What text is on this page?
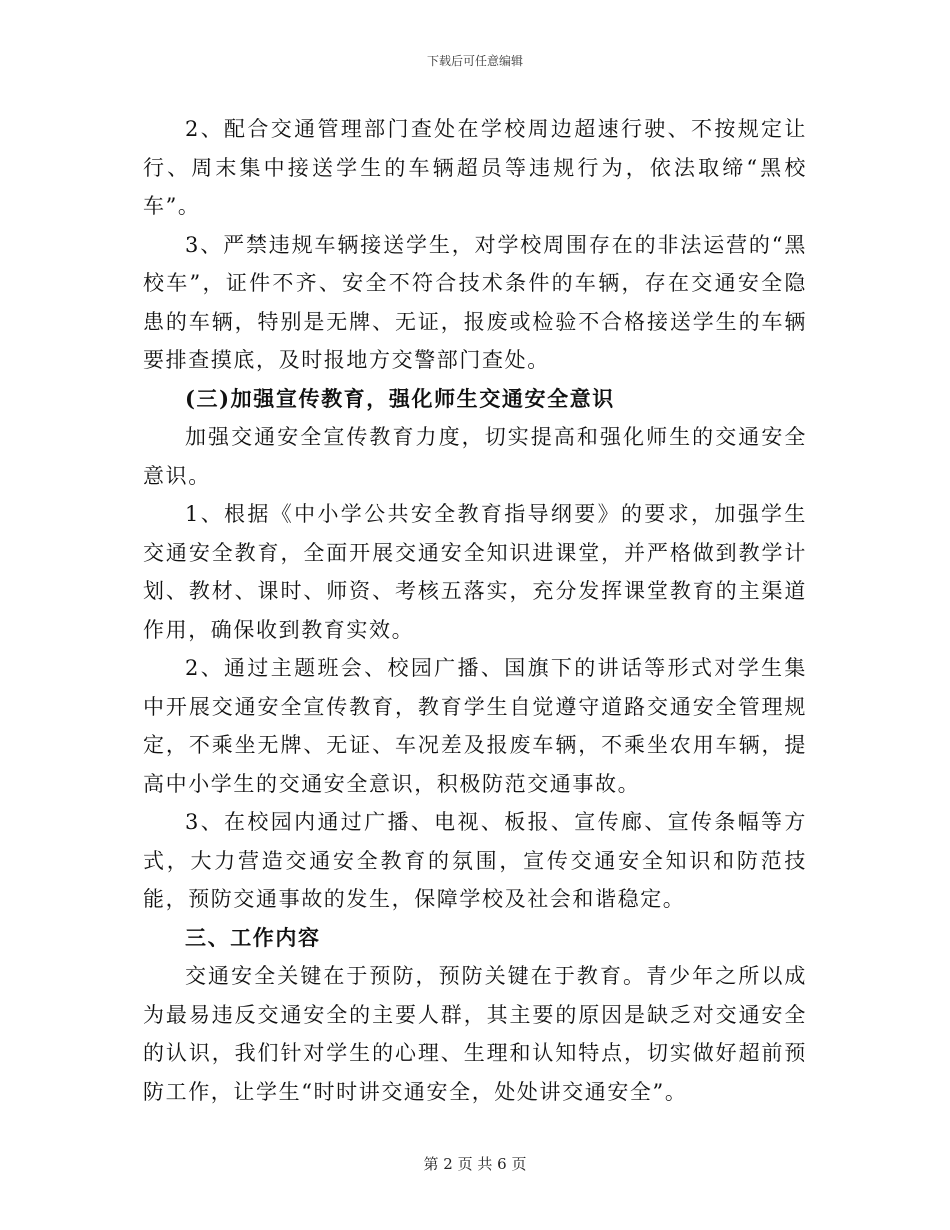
下载后可任意编辑

2、配合交通管理部门查处在学校周边超速行驶、不按规定让行、周末集中接送学生的车辆超员等违规行为，依法取缔“黑校车”。

3、严禁违规车辆接送学生，对学校周围存在的非法运营的“黑校车”，证件不齐、安全不符合技术条件的车辆，存在交通安全隐患的车辆，特别是无牌、无证，报废或检验不合格接送学生的车辆要排查摸底，及时报地方交警部门查处。

(三)加强宣传教育，强化师生交通安全意识

加强交通安全宣传教育力度，切实提高和强化师生的交通安全意识。

1、根据《中小学公共安全教育指导纲要》的要求，加强学生交通安全教育，全面开展交通安全知识进课堂，并严格做到教学计划、教材、课时、师资、考核五落实，充分发挥课堂教育的主渠道作用，确保收到教育实效。

2、通过主题班会、校园广播、国旗下的讲话等形式对学生集中开展交通安全宣传教育，教育学生自觉遵守道路交通安全管理规定，不乘坐无牌、无证、车况差及报废车辆，不乘坐农用车辆，提高中小学生的交通安全意识，积极防范交通事故。

3、在校园内通过广播、电视、板报、宣传廊、宣传条幅等方式，大力营造交通安全教育的氛围，宣传交通安全知识和防范技能，预防交通事故的发生，保障学校及社会和谐稳定。

三、工作内容

交通安全关键在于预防，预防关键在于教育。青少年之所以成为最易违反交通安全的主要人群，其主要的原因是缺乏对交通安全的认识，我们针对学生的心理、生理和认知特点，切实做好超前预防工作，让学生“时时讲交通安全，处处讲交通安全”。

第 2 页 共 6 页
